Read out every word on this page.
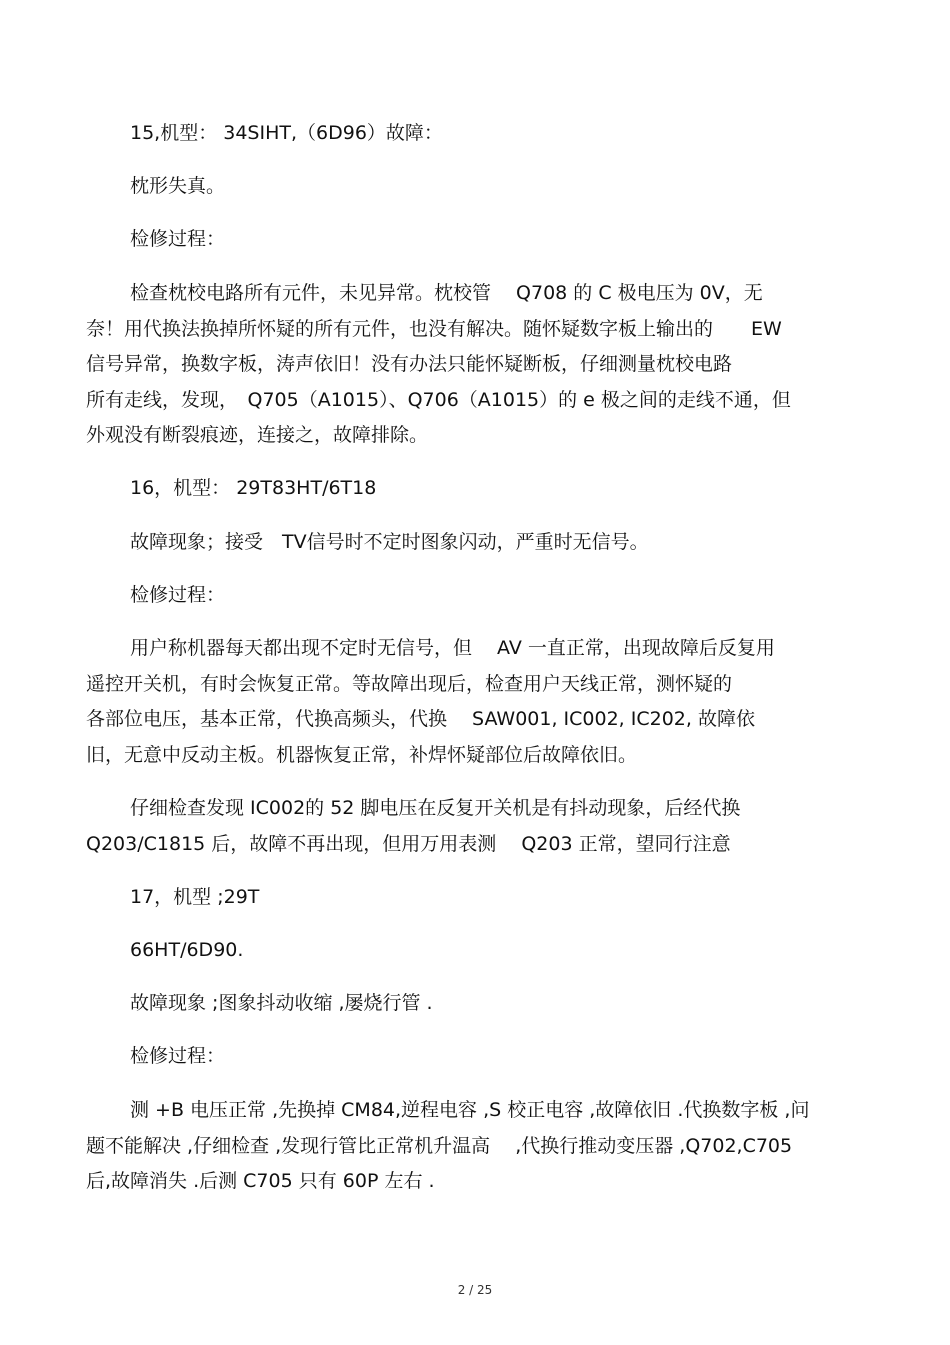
15,机型： 34SIHT,（6D96）故障：

枕形失真。

检修过程：

检查枕校电路所有元件，未见异常。枕校管　 Q708 的 C 极电压为 0V，无
奈！用代换法换掉所怀疑的所有元件，也没有解决。随怀疑数字板上输出的　　EW
信号异常，换数字板，涛声依旧！没有办法只能怀疑断板，仔细测量枕校电路
所有走线，发现，　Q705（A1015）、Q706（A1015）的 e 极之间的走线不通，但
外观没有断裂痕迹，连接之，故障排除。

16，机型： 29T83HT/6T18

故障现象；接受　TV信号时不定时图象闪动，严重时无信号。

检修过程：

用户称机器每天都出现不定时无信号，但　 AV 一直正常，出现故障后反复用
遥控开关机，有时会恢复正常。等故障出现后，检查用户天线正常，测怀疑的
各部位电压，基本正常，代换高频头，代换　 SAW001, IC002, IC202, 故障依
旧，无意中反动主板。机器恢复正常，补焊怀疑部位后故障依旧。

仔细检查发现 IC002的 52 脚电压在反复开关机是有抖动现象，后经代换
Q203/C1815 后，故障不再出现，但用万用表测　 Q203 正常，望同行注意

17，机型 ;29T

66HT/6D90.

故障现象 ;图象抖动收缩 ,屡烧行管 .

检修过程：

测 +B 电压正常 ,先换掉 CM84,逆程电容 ,S 校正电容 ,故障依旧 .代换数字板 ,问
题不能解决 ,仔细检查 ,发现行管比正常机升温高　 ,代换行推动变压器 ,Q702,C705
后,故障消失 .后测 C705 只有 60P 左右 .

2 / 25
